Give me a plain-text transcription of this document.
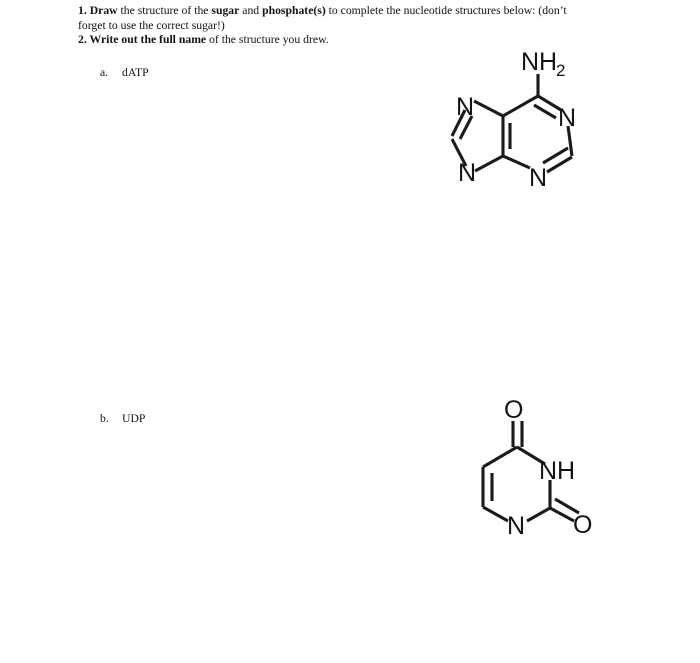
1. Draw the structure of the sugar and phosphate(s) to complete the nucleotide structures below: (don’t forget to use the correct sugar!)

2. Write out the full name of the structure you drew.

a. dATP
N
N
N
N
NH
2
b. UDP	O
NH
O
N
